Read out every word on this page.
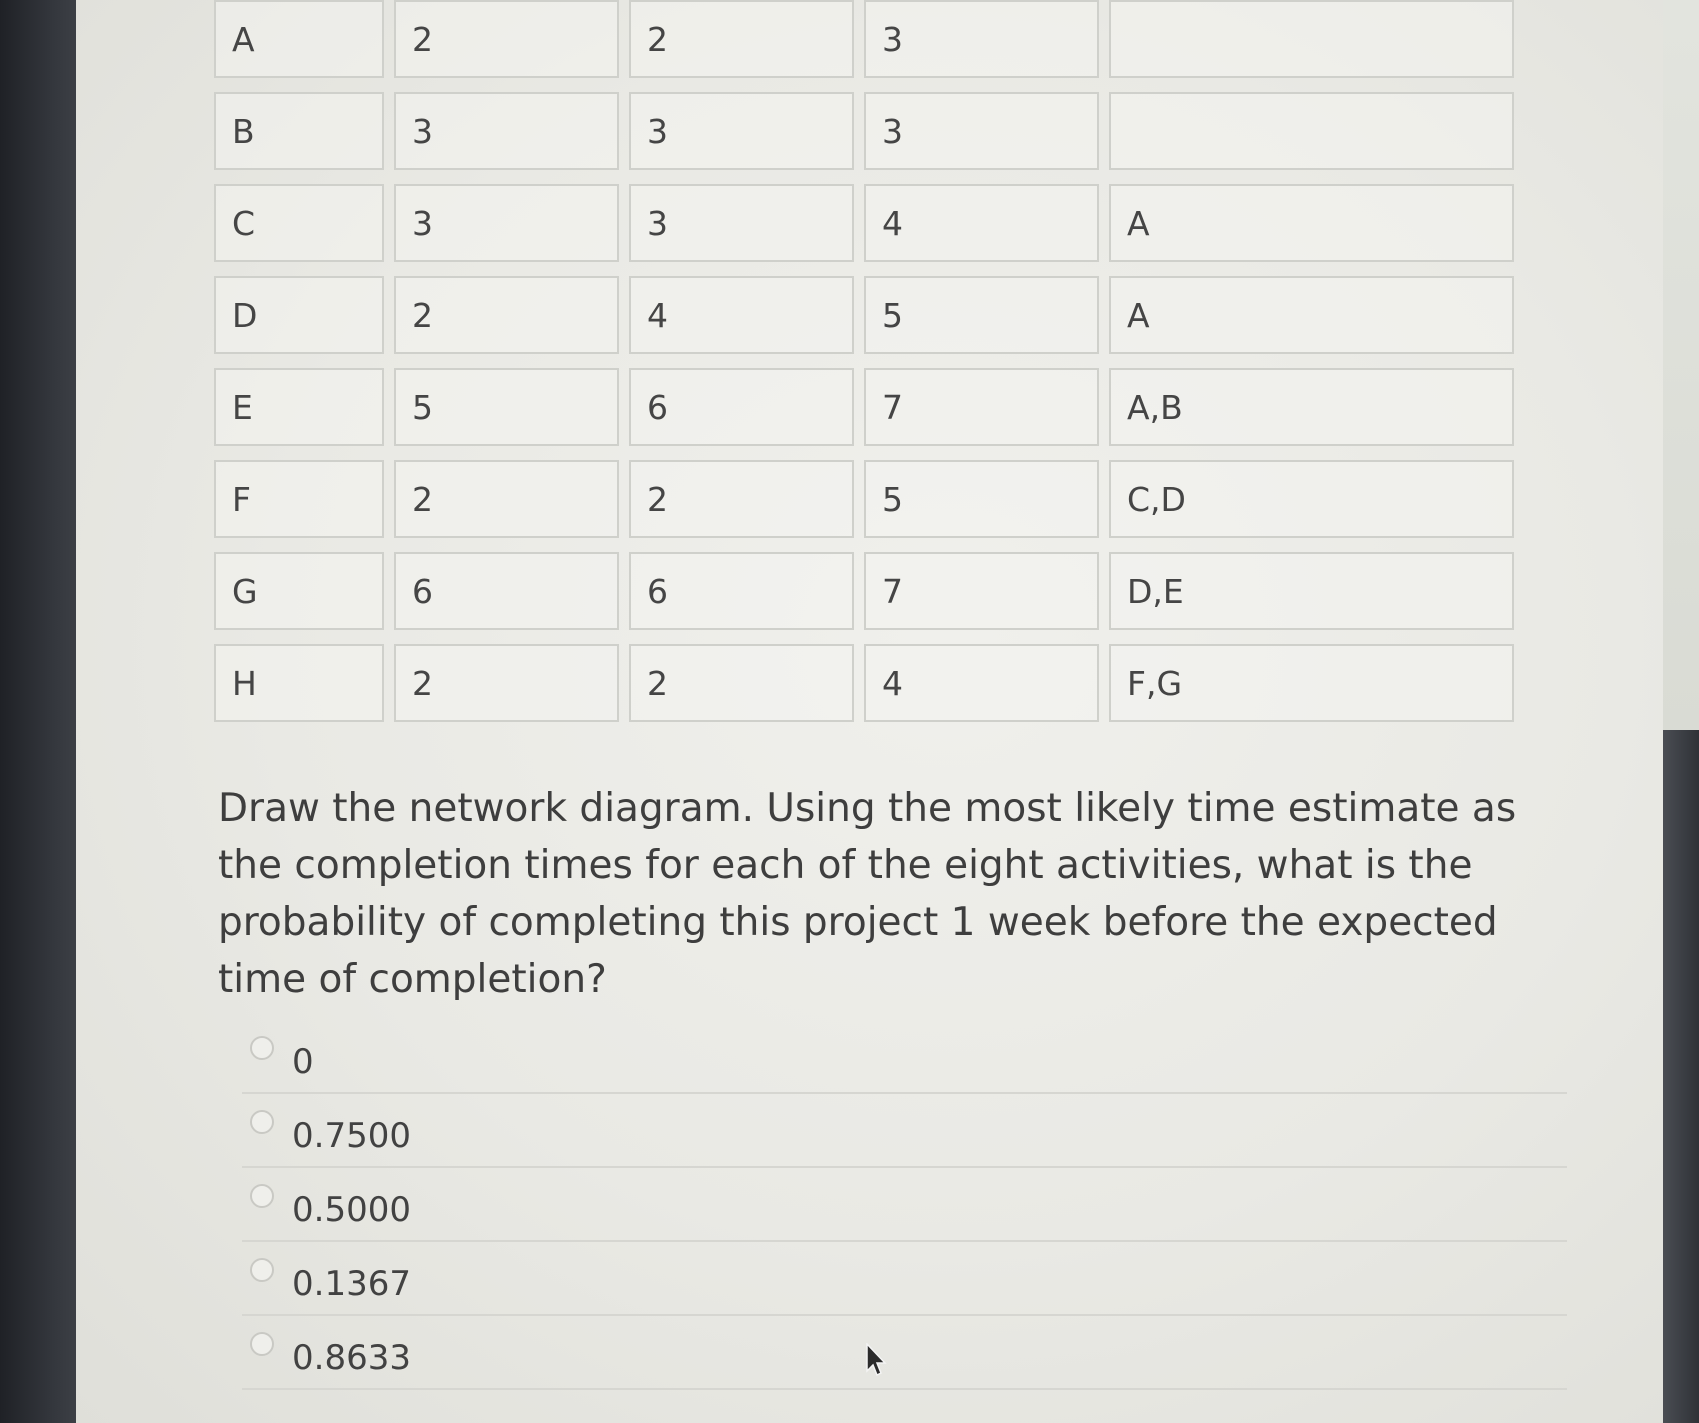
A	2	2	3	
B	3	3	3	
C	3	3	4	A
D	2	4	5	A
E	5	6	7	A,B
F	2	2	5	C,D
G	6	6	7	D,E
H	2	2	4	F,G

Draw the network diagram. Using the most likely time estimate as the completion times for each of the eight activities, what is the probability of completing this project 1 week before the expected time of completion?

0
0.7500
0.5000
0.1367
0.8633
